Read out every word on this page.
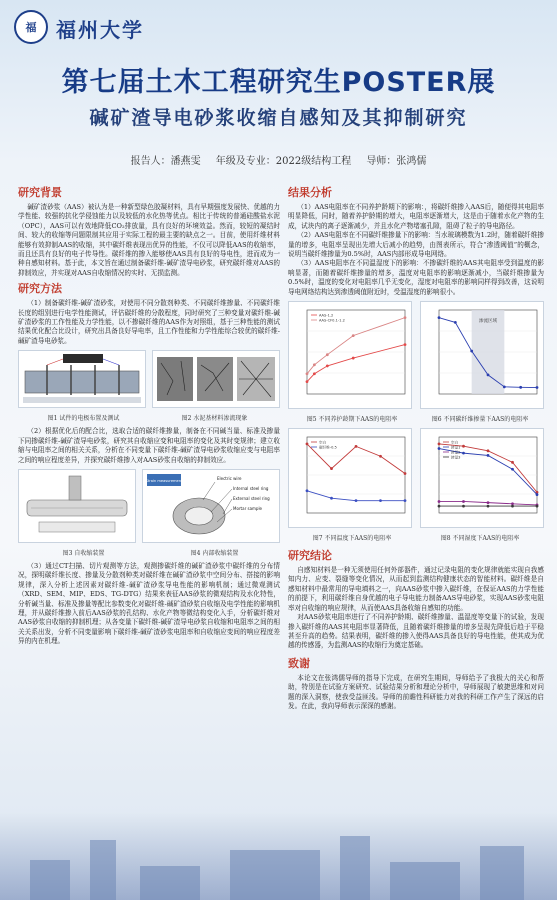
福 福州大学
第七届土木工程研究生POSTER展
碱矿渣导电砂浆收缩自感知及其抑制研究
报告人：潘燕雯 年级及专业：2022级结构工程 导师：张鸿儒
研究背景

碱矿渣砂浆（AAS）被认为是一种新型绿色胶凝材料，具有早期强度发展快、优越的力学性能、较强的抗化学侵蚀能力以及较低的水化热等优点。相比于传统的普通硅酸盐水泥（OPC），AAS可以有效地降低CO₂排放量，具有良好的环境效益。然而，较短的凝结时间、较大的收缩等问题限制其应用于实际工程的最主要的缺点之一。目前，使用纤维材料能够有效抑制AAS的收缩，其中碳纤维表现出优异的性能，不仅可以降低AAS的收缩率，而且还具有良好的电子传导性。碳纤维的掺入能够使AAS具有良好的导电性，进而成为一种自感知材料。基于此，本文旨在通过制备碳纤维-碱矿渣导电砂浆，研究碳纤维对AAS的抑制效应，并实现对AAS自收缩情况的实时、无损监测。

研究方法

（1）制备碳纤维-碱矿渣砂浆，对使用不同分散剂种类、不同碳纤维掺量、不同碳纤维长度的组别进行电学性能测试，评估碳纤维的分散程度，同时研究了三种变量对碳纤维-碱矿渣砂浆的工作性能及力学性能，以不掺碳纤维的AAS作为对照组，基于三种性能的测试结果优化配合比设计，研究出具备良好导电率，且工作性能和力学性能综合较优的碳纤维-碱矿渣导电砂浆。

图1 试件的电极布置及测试	图2 水泥基材料渗流现象

（2）根据优化后的配合比，选取合适的碳纤维掺量，制备在不同碱当量、标准及掺量下同掺碳纤维-碱矿渣导电砂浆，研究其自收缩应变和电阻率的变化及其时变规律；建立收缩与电阻率之间的相关关系，分析在不同变量下碳纤维-碱矿渣导电砂浆收缩应变与电阻率之间的响应程度差异，并探究碳纤维掺入对AAS砂浆自收缩的抑制效应。

Strain measurement	Electric wire
Internal steel ring
External steel ring
Mortar sample
图3 自收缩装置	图4 内部收缩装置

（3）通过CT扫描、切片观测等方法，观测掺碳纤维的碱矿渣砂浆中碳纤维的分布情况，探明碳纤维长度、掺量及分散剂种类对碳纤维在碱矿渣砂浆中空间分布、搭接的影响规律，深入分析上述因素对碳纤维-碱矿渣砂浆导电性能的影响机制；通过微观测试（XRD、SEM、MIP、EDS、TG-DTG）结果来表征AAS砂浆的微观结构及水化特性，分析碱当量、标准及掺量等配比参数变化对碳纤维-碱矿渣砂浆自收缩及电学性能的影响机理，并从碳纤维掺入前后AAS砂浆的孔结构、水化产物等微结构变化入手，分析碳纤维对AAS砂浆自收缩的抑制机理；从各变量下碳纤维-碱矿渣导电砂浆自收缩和电阻率之间的相关关系出发，分析不同变量影响下碳纤维-碱矿渣砂浆电阻率和自收缩应变间的响应程度差异的内在机理。

结果分析

（1）AAS电阻率在不同养护龄期下的影响：，将碳纤维掺入AAS后，随便得其电阻率明显降低，同时，随着养护龄期的增大，电阻率逐渐增大，这是由于随着水化产物的生成，试块内的离子逐渐减少，并且水化产物堵塞孔隙，阻碍了粒子的导电路径。

（2）AAS电阻率在不同碳纤维掺量下的影响：当水玻璃模数为1.2时，随着碳纤维掺量的增多，电阻率呈现出先增大后减小的趋势，由图表所示，符合“渗透阈值”的概念，说明当碳纤维掺量为0.5%时，AAS内部形成导电网络。

（3）AAS电阻率在不同温湿度下的影响：不掺碳纤维的AAS其电阻率受到温度的影响显著，而随着碳纤维掺量的增多，温度对电阻率的影响逐渐减小，当碳纤维掺量为0.5%时，温度的变化对电阻率几乎无变化，湿度对电阻率的影响同样得到改善，这说明导电网络结构达到渗透阈值附近时，受温湿度的影响很小。

AAS-1.2
AAS-CF0.1-1.2	渗流区域
图5 不同养护龄期下AAS的电阻率	图6 不同碳纤维掺量下AAS的电阻率
空白
碳纤维-0.5
空白
掺量1
掺量2
掺量3
图7 不同温度下AAS的电阻率	图8 不同湿度下AAS的电阻率
研究结论

自感知材料是一种无须使用任何外部器件，通过记录电阻的变化规律就能实现自我感知内力、应变、裂缝等变化情况，从而起到监测结构健康状态的智能材料。碳纤维是自感知材料中最常用的导电填料之一，向AAS砂浆中掺入碳纤维，在保证AAS的力学性能的前提下，利用碳纤维自身优越的电子导电能力制备AAS导电砂浆，实现AAS砂浆电阻率对自收缩的响应规律，从而使AAS具备收缩自感知的功能。

对AAS砂浆电阻率进行了不同养护龄期、碳纤维掺量、温湿度等变量下的试验，发现掺入碳纤维的AAS其电阻率显著降低，且随着碳纤维掺量的增多呈现先降低后趋于平稳甚至升高的趋势。结果表明，碳纤维的掺入使得AAS具备良好的导电性能，使其成为优越的传感器，为监测AAS的收缩行为奠定基础。

致谢

本论文在张鸿儒导师的指导下完成，在研究生期间，导师给予了我极大的关心和帮助，特别是在试验方案研究、试验结果分析和理论分析中，导师展现了敏捷思维和对问题的深入洞察，使我受益匪浅。导师的前瞻性科研能力对我的科研工作产生了深远的启发。在此，我向导师表示深深的感谢。
